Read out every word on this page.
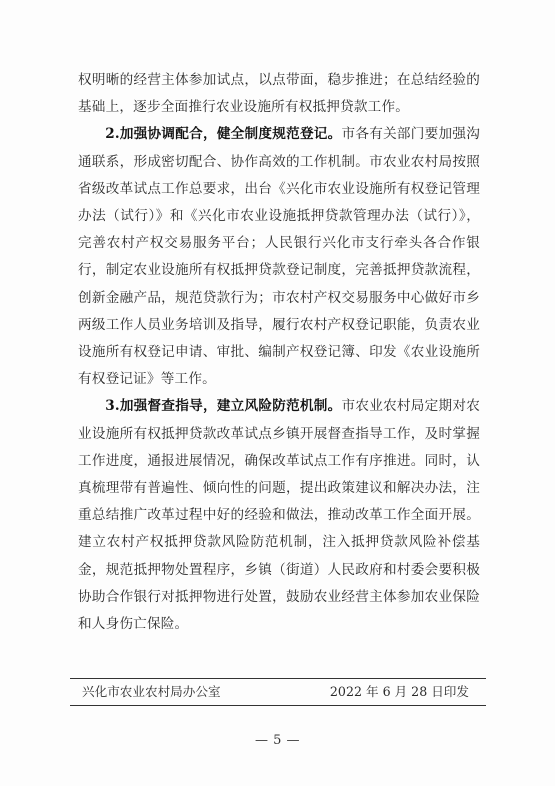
权明晰的经营主体参加试点，以点带面，稳步推进；在总结经验的基础上，逐步全面推行农业设施所有权抵押贷款工作。

2.加强协调配合，健全制度规范登记。市各有关部门要加强沟通联系，形成密切配合、协作高效的工作机制。市农业农村局按照省级改革试点工作总要求，出台《兴化市农业设施所有权登记管理办法（试行）》和《兴化市农业设施抵押贷款管理办法（试行）》，完善农村产权交易服务平台；人民银行兴化市支行牵头各合作银行，制定农业设施所有权抵押贷款登记制度，完善抵押贷款流程，创新金融产品，规范贷款行为；市农村产权交易服务中心做好市乡两级工作人员业务培训及指导，履行农村产权登记职能，负责农业设施所有权登记申请、审批、编制产权登记簿、印发《农业设施所有权登记证》等工作。

3.加强督查指导，建立风险防范机制。市农业农村局定期对农业设施所有权抵押贷款改革试点乡镇开展督查指导工作，及时掌握工作进度，通报进展情况，确保改革试点工作有序推进。同时，认真梳理带有普遍性、倾向性的问题，提出政策建议和解决办法，注重总结推广改革过程中好的经验和做法，推动改革工作全面开展。建立农村产权抵押贷款风险防范机制，注入抵押贷款风险补偿基金，规范抵押物处置程序，乡镇（街道）人民政府和村委会要积极协助合作银行对抵押物进行处置，鼓励农业经营主体参加农业保险和人身伤亡保险。

兴化市农业农村局办公室	2022 年 6 月 28 日印发
— 5 —
